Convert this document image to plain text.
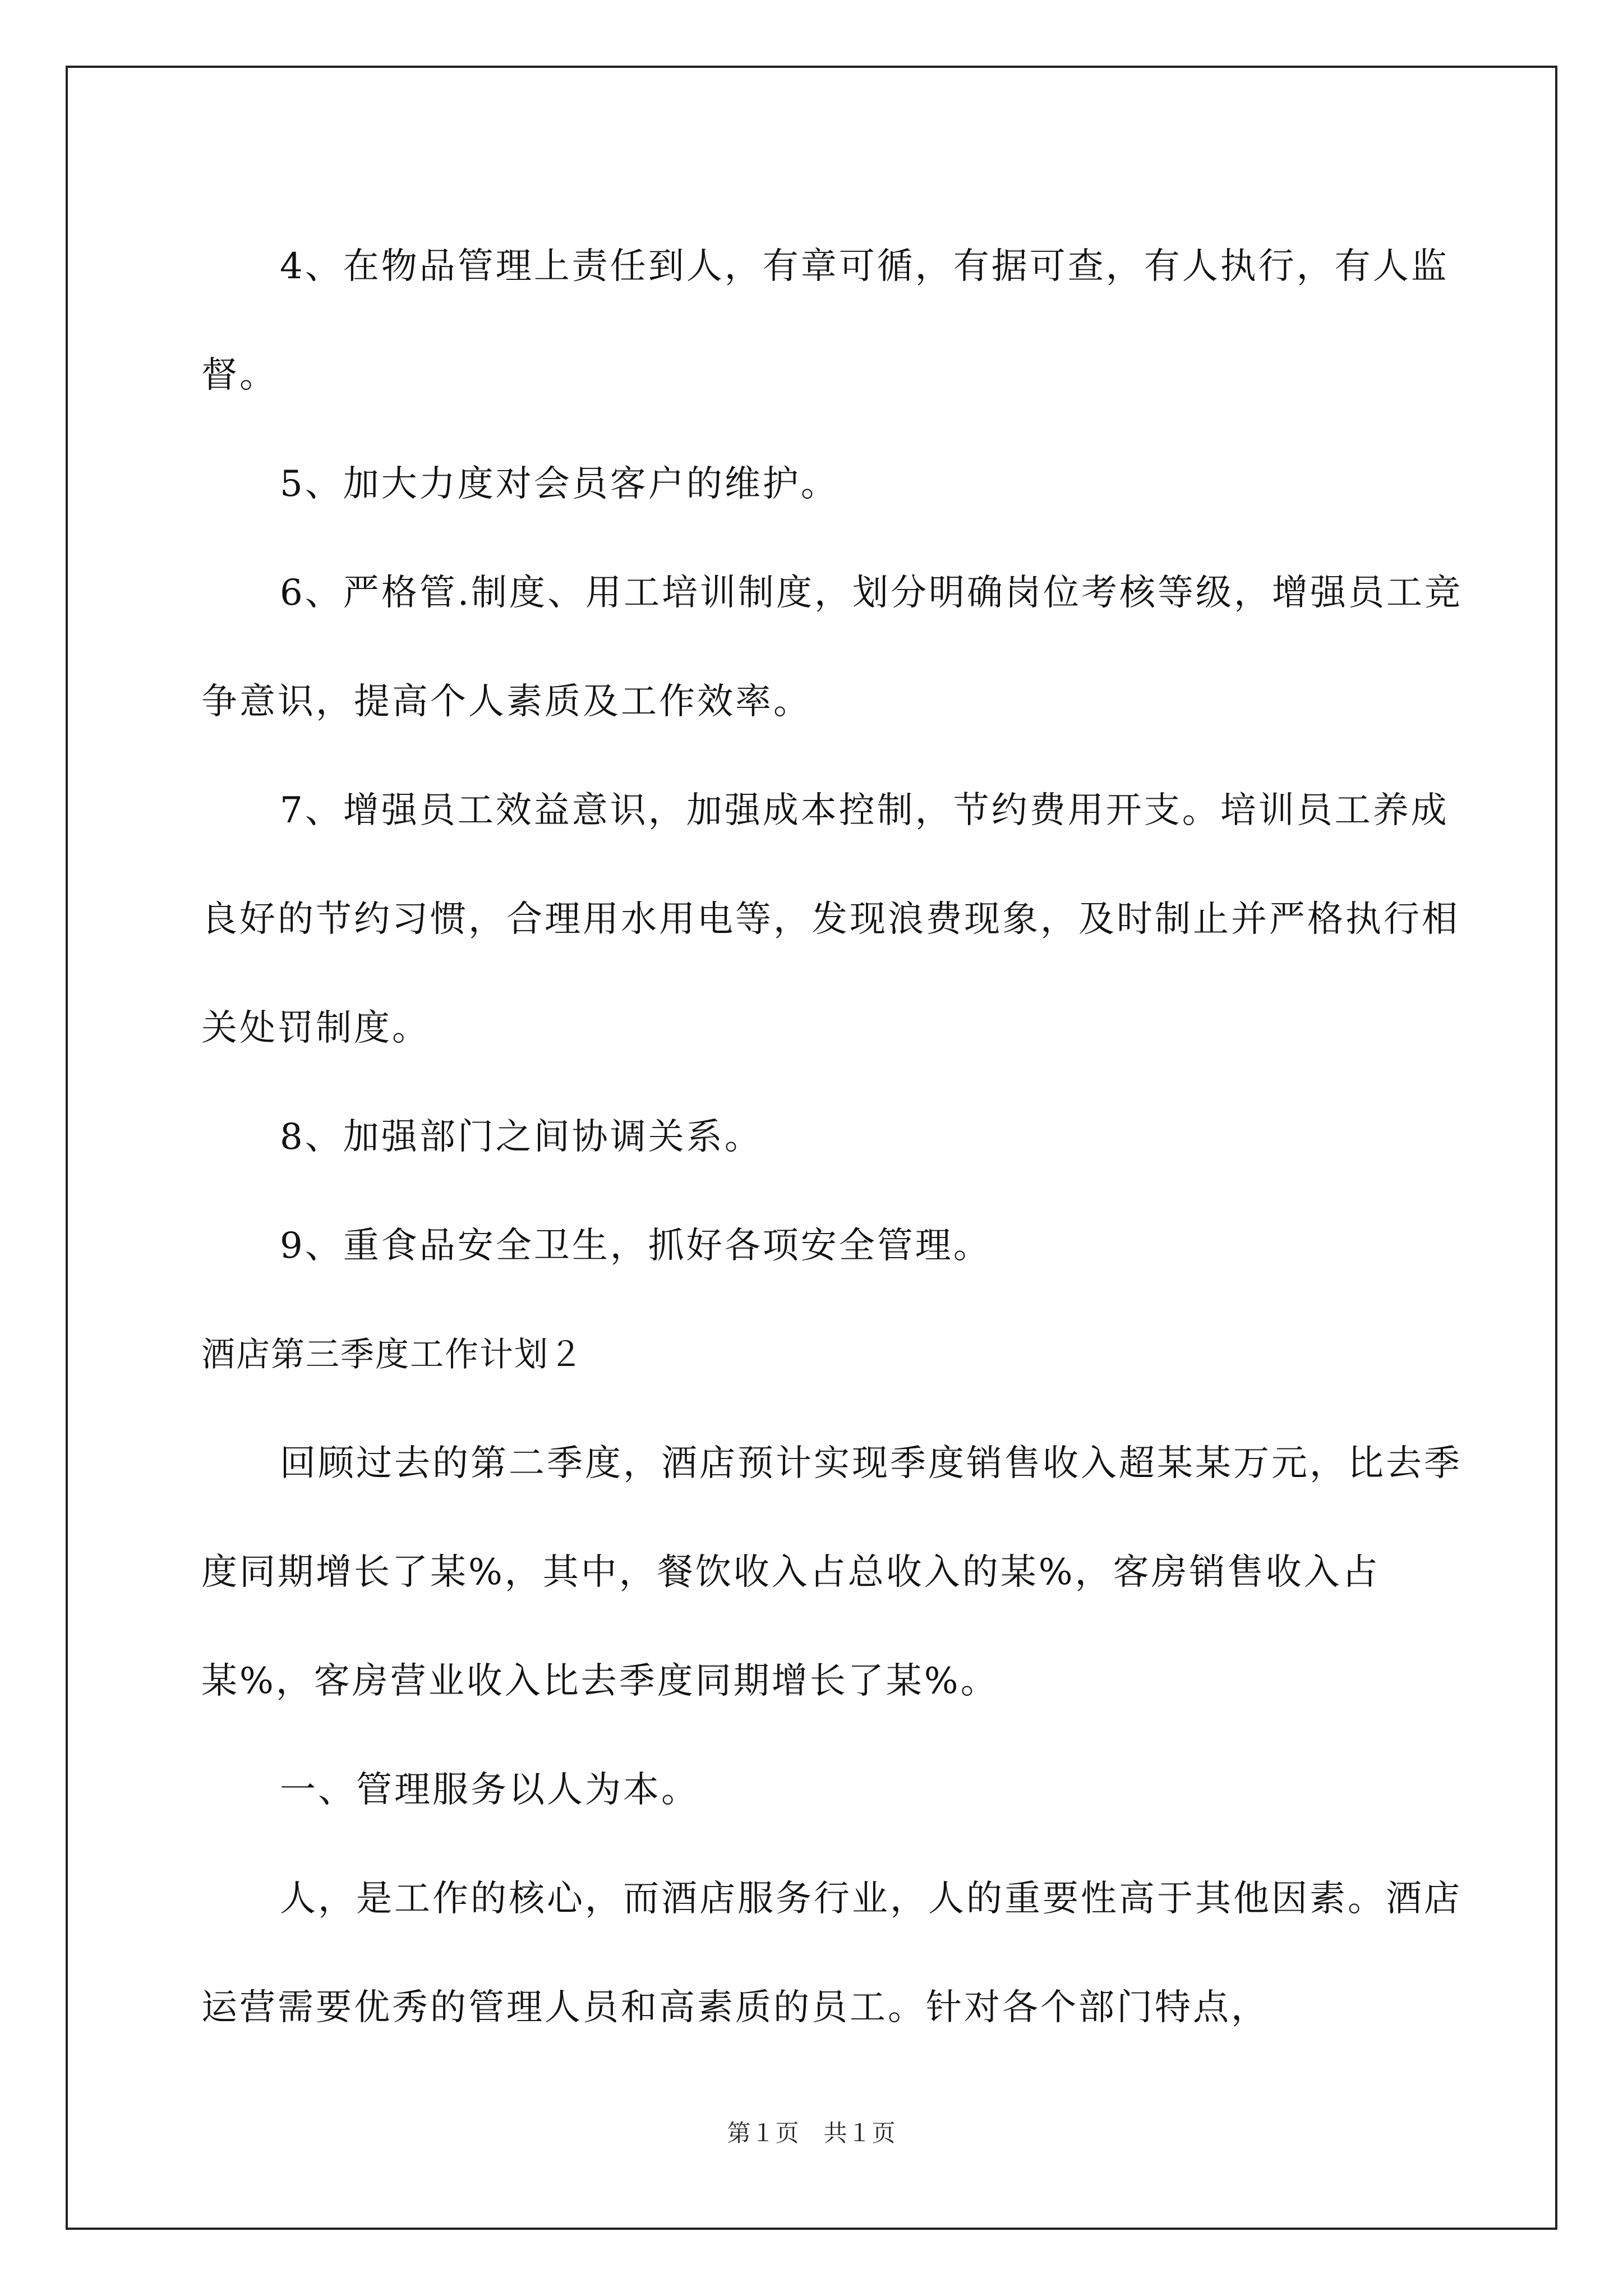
4、在物品管理上责任到人，有章可循，有据可查，有人执行，有人监督。

5、加大力度对会员客户的维护。

6、严格管.制度、用工培训制度，划分明确岗位考核等级，增强员工竞争意识，提高个人素质及工作效率。

7、增强员工效益意识，加强成本控制，节约费用开支。培训员工养成良好的节约习惯，合理用水用电等，发现浪费现象，及时制止并严格执行相关处罚制度。

8、加强部门之间协调关系。

9、重食品安全卫生，抓好各项安全管理。

酒店第三季度工作计划２

回顾过去的第二季度，酒店预计实现季度销售收入超某某万元，比去季度同期增长了某%，其中，餐饮收入占总收入的某%，客房销售收入占某%，客房营业收入比去季度同期增长了某%。

一、管理服务以人为本。

人，是工作的核心，而酒店服务行业，人的重要性高于其他因素。酒店运营需要优秀的管理人员和高素质的员工。针对各个部门特点，

第１页　共１页
